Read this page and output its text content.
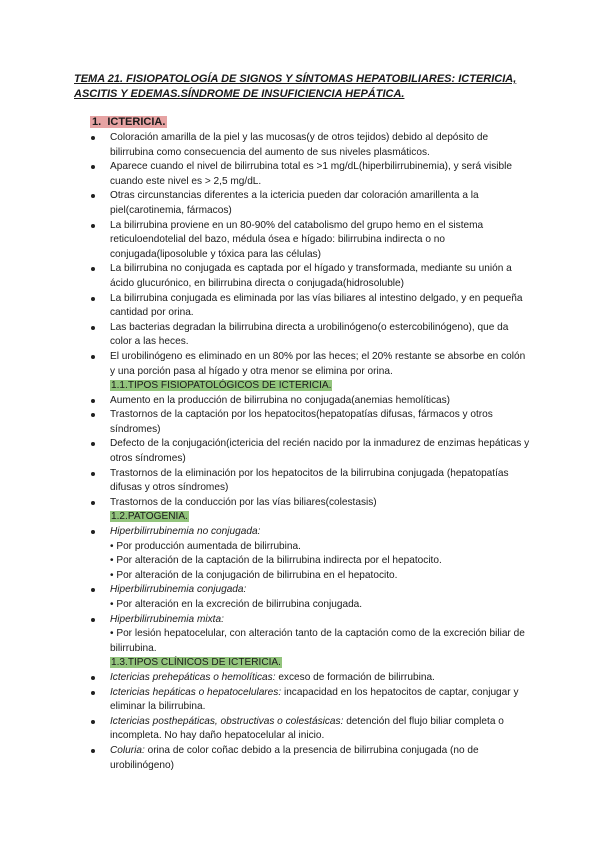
TEMA 21. FISIOPATOLOGÍA DE SIGNOS Y SÍNTOMAS HEPATOBILIARES: ICTERICIA, ASCITIS Y EDEMAS.SÍNDROME DE INSUFICIENCIA HEPÁTICA.
1. ICTERICIA.
Coloración amarilla de la piel y las mucosas(y de otros tejidos) debido al depósito de bilirrubina como consecuencia del aumento de sus niveles plasmáticos.
Aparece cuando el nivel de bilirrubina total es >1 mg/dL(hiperbilirrubinemia), y será visible cuando este nivel es > 2,5 mg/dL.
Otras circunstancias diferentes a la ictericia pueden dar coloración amarillenta a la piel(carotinemia, fármacos)
La bilirrubina proviene en un 80-90% del catabolismo del grupo hemo en el sistema reticuloendotelial del bazo, médula ósea e hígado: bilirrubina indirecta o no conjugada(liposoluble y tóxica para las células)
La bilirrubina no conjugada es captada por el hígado y transformada, mediante su unión a ácido glucurónico, en bilirrubina directa o conjugada(hidrosoluble)
La bilirrubina conjugada es eliminada por las vías biliares al intestino delgado, y en pequeña cantidad por orina.
Las bacterias degradan la bilirrubina directa a urobilinógeno(o estercobilinógeno), que da color a las heces.
El urobilinógeno es eliminado en un 80% por las heces; el 20% restante se absorbe en colón y una porción pasa al hígado y otra menor se elimina por orina.
1.1.TIPOS FISIOPATOLÓGICOS DE ICTERICIA.
Aumento en la producción de bilirrubina no conjugada(anemias hemolíticas)
Trastornos de la captación por los hepatocitos(hepatopatías difusas, fármacos y otros síndromes)
Defecto de la conjugación(ictericia del recién nacido por la inmadurez de enzimas hepáticas y otros síndromes)
Trastornos de la eliminación por los hepatocitos de la bilirrubina conjugada (hepatopatías difusas y otros síndromes)
Trastornos de la conducción por las vías biliares(colestasis)
1.2.PATOGENIA.
Hiperbilirrubinemia no conjugada:
• Por producción aumentada de bilirrubina.
• Por alteración de la captación de la bilirrubina indirecta por el hepatocito.
• Por alteración de la conjugación de bilirrubina en el hepatocito.
Hiperbilirrubinemia conjugada:
• Por alteración en la excreción de bilirrubina conjugada.
Hiperbilirrubinemia mixta:
• Por lesión hepatocelular, con alteración tanto de la captación como de la excreción biliar de bilirrubina.
1.3.TIPOS CLÍNICOS DE ICTERICIA.
Ictericias prehepáticas o hemolíticas: exceso de formación de bilirrubina.
Ictericias hepáticas o hepatocelulares: incapacidad en los hepatocitos de captar, conjugar y eliminar la bilirrubina.
Ictericias posthepáticas, obstructivas o colestásicas: detención del flujo biliar completa o incompleta. No hay daño hepatocelular al inicio.
Coluria: orina de color coñac debido a la presencia de bilirrubina conjugada (no de urobilinógeno)
